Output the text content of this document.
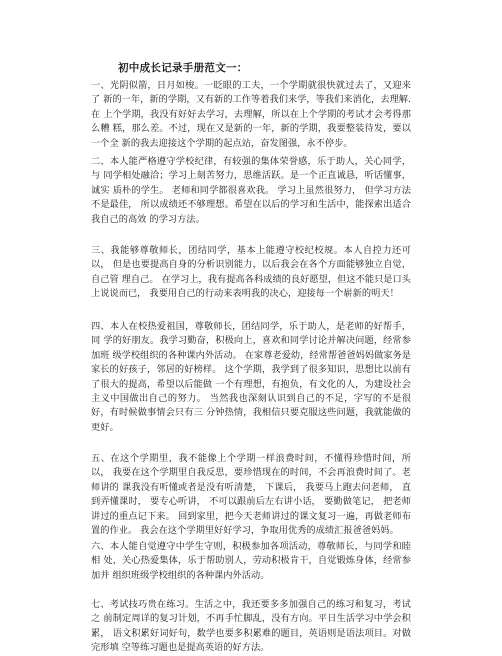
初中成长记录手册范文一：

一、光阴似箭，日月如梭。一眨眼的工夫，一个学期就很快就过去了，又迎来了 新的一年，新的学期，又有新的工作等着我们来学，等我们来消化，去理解. 在 上个学期，我没有好好去学习，去理解，所以在上个学期的考试才会考得那么糟 糕，那么差。不过，现在又是新的一年，新的学期，我要整装待发，要以一个全 新的我去迎接这个学期的起点站，奋发图强，永不停步。

二、本人能严格遵守学校纪律，有较强的集体荣誉感，乐于助人，关心同学，与 同学相处融洽；学习上刻苦努力，思维活跃。是一个正直诚恳，听话懂事，诚实 质朴的学生。 老师和同学都很喜欢我。 学习上虽然很努力， 但学习方法不是最佳， 所以成绩还不够理想。希望在以后的学习和生活中，能探索出适合我自己的高效 的学习方法。

三、我能够尊敬师长，团结同学，基本上能遵守校纪校规。本人自控力还可以， 但是也要提高自身的分析识别能力，以后我会在各个方面能够独立自觉，自己管 理自己。 在学习上，我有提高各科成绩的良好愿望，但这不能只是口头上说说而已， 我要用自己的行动来表明我的决心，迎接每一个崭新的明天！

四、本人在校热爱祖国，尊敬师长，团结同学，乐于助人，是老师的好帮手，同 学的好朋友。我学习勤奋，积极向上，喜欢和同学讨论并解决问题，经常参加班 级学校组织的各种课内外活动。 在家尊老爱幼，经常帮爸爸妈妈做家务是家长的好孩子，邻居的好榜样。 这个学期，我学到了很多知识，思想比以前有了很大的提高，希望以后能做 一个有理想，有抱负，有文化的人，为建设社会主义中国做出自己的努力。 当然我也深刻认识到自己的不足，字写的不是很好，有时候做事情会只有三 分钟热情，我相信只要克服这些问题，我就能做的更好。

五、在这个学期里，我不能像上个学期一样浪费时间，不懂得珍惜时间，所以， 我要在这个学期里自我反思，要珍惜现在的时间，不会再浪费时间了。老师讲的 课我没有听懂或者是没有听清楚， 下课后， 我要马上跑去问老师， 直到弄懂课时， 要专心听讲， 不可以跟前后左右讲小话， 要勤做笔记， 把老师讲过的重点记下来。 回到家里，把今天老师讲过的课文复习一遍，再做老师布置的作业。 我会在这个学期里好好学习，争取用优秀的成绩汇报爸爸妈妈。

六、本人能自觉遵守中学生守则，积极参加各项活动，尊敬师长，与同学和睦相 处，关心热爱集体，乐于帮助别人，劳动积极肯干，自觉锻炼身体，经常参加并 组织班级学校组织的各种课内外活动。

七、考试技巧贵在练习。生活之中，我还要多多加强自己的练习和复习，考试之 前制定周详的复习计划，不再手忙脚乱，没有方向。平日生活学习中学会积累， 语文积累好词好句，数学也要多积累难的题目，英语则是语法项目。对做完形填 空等练习题也是提高英语的好方法。
